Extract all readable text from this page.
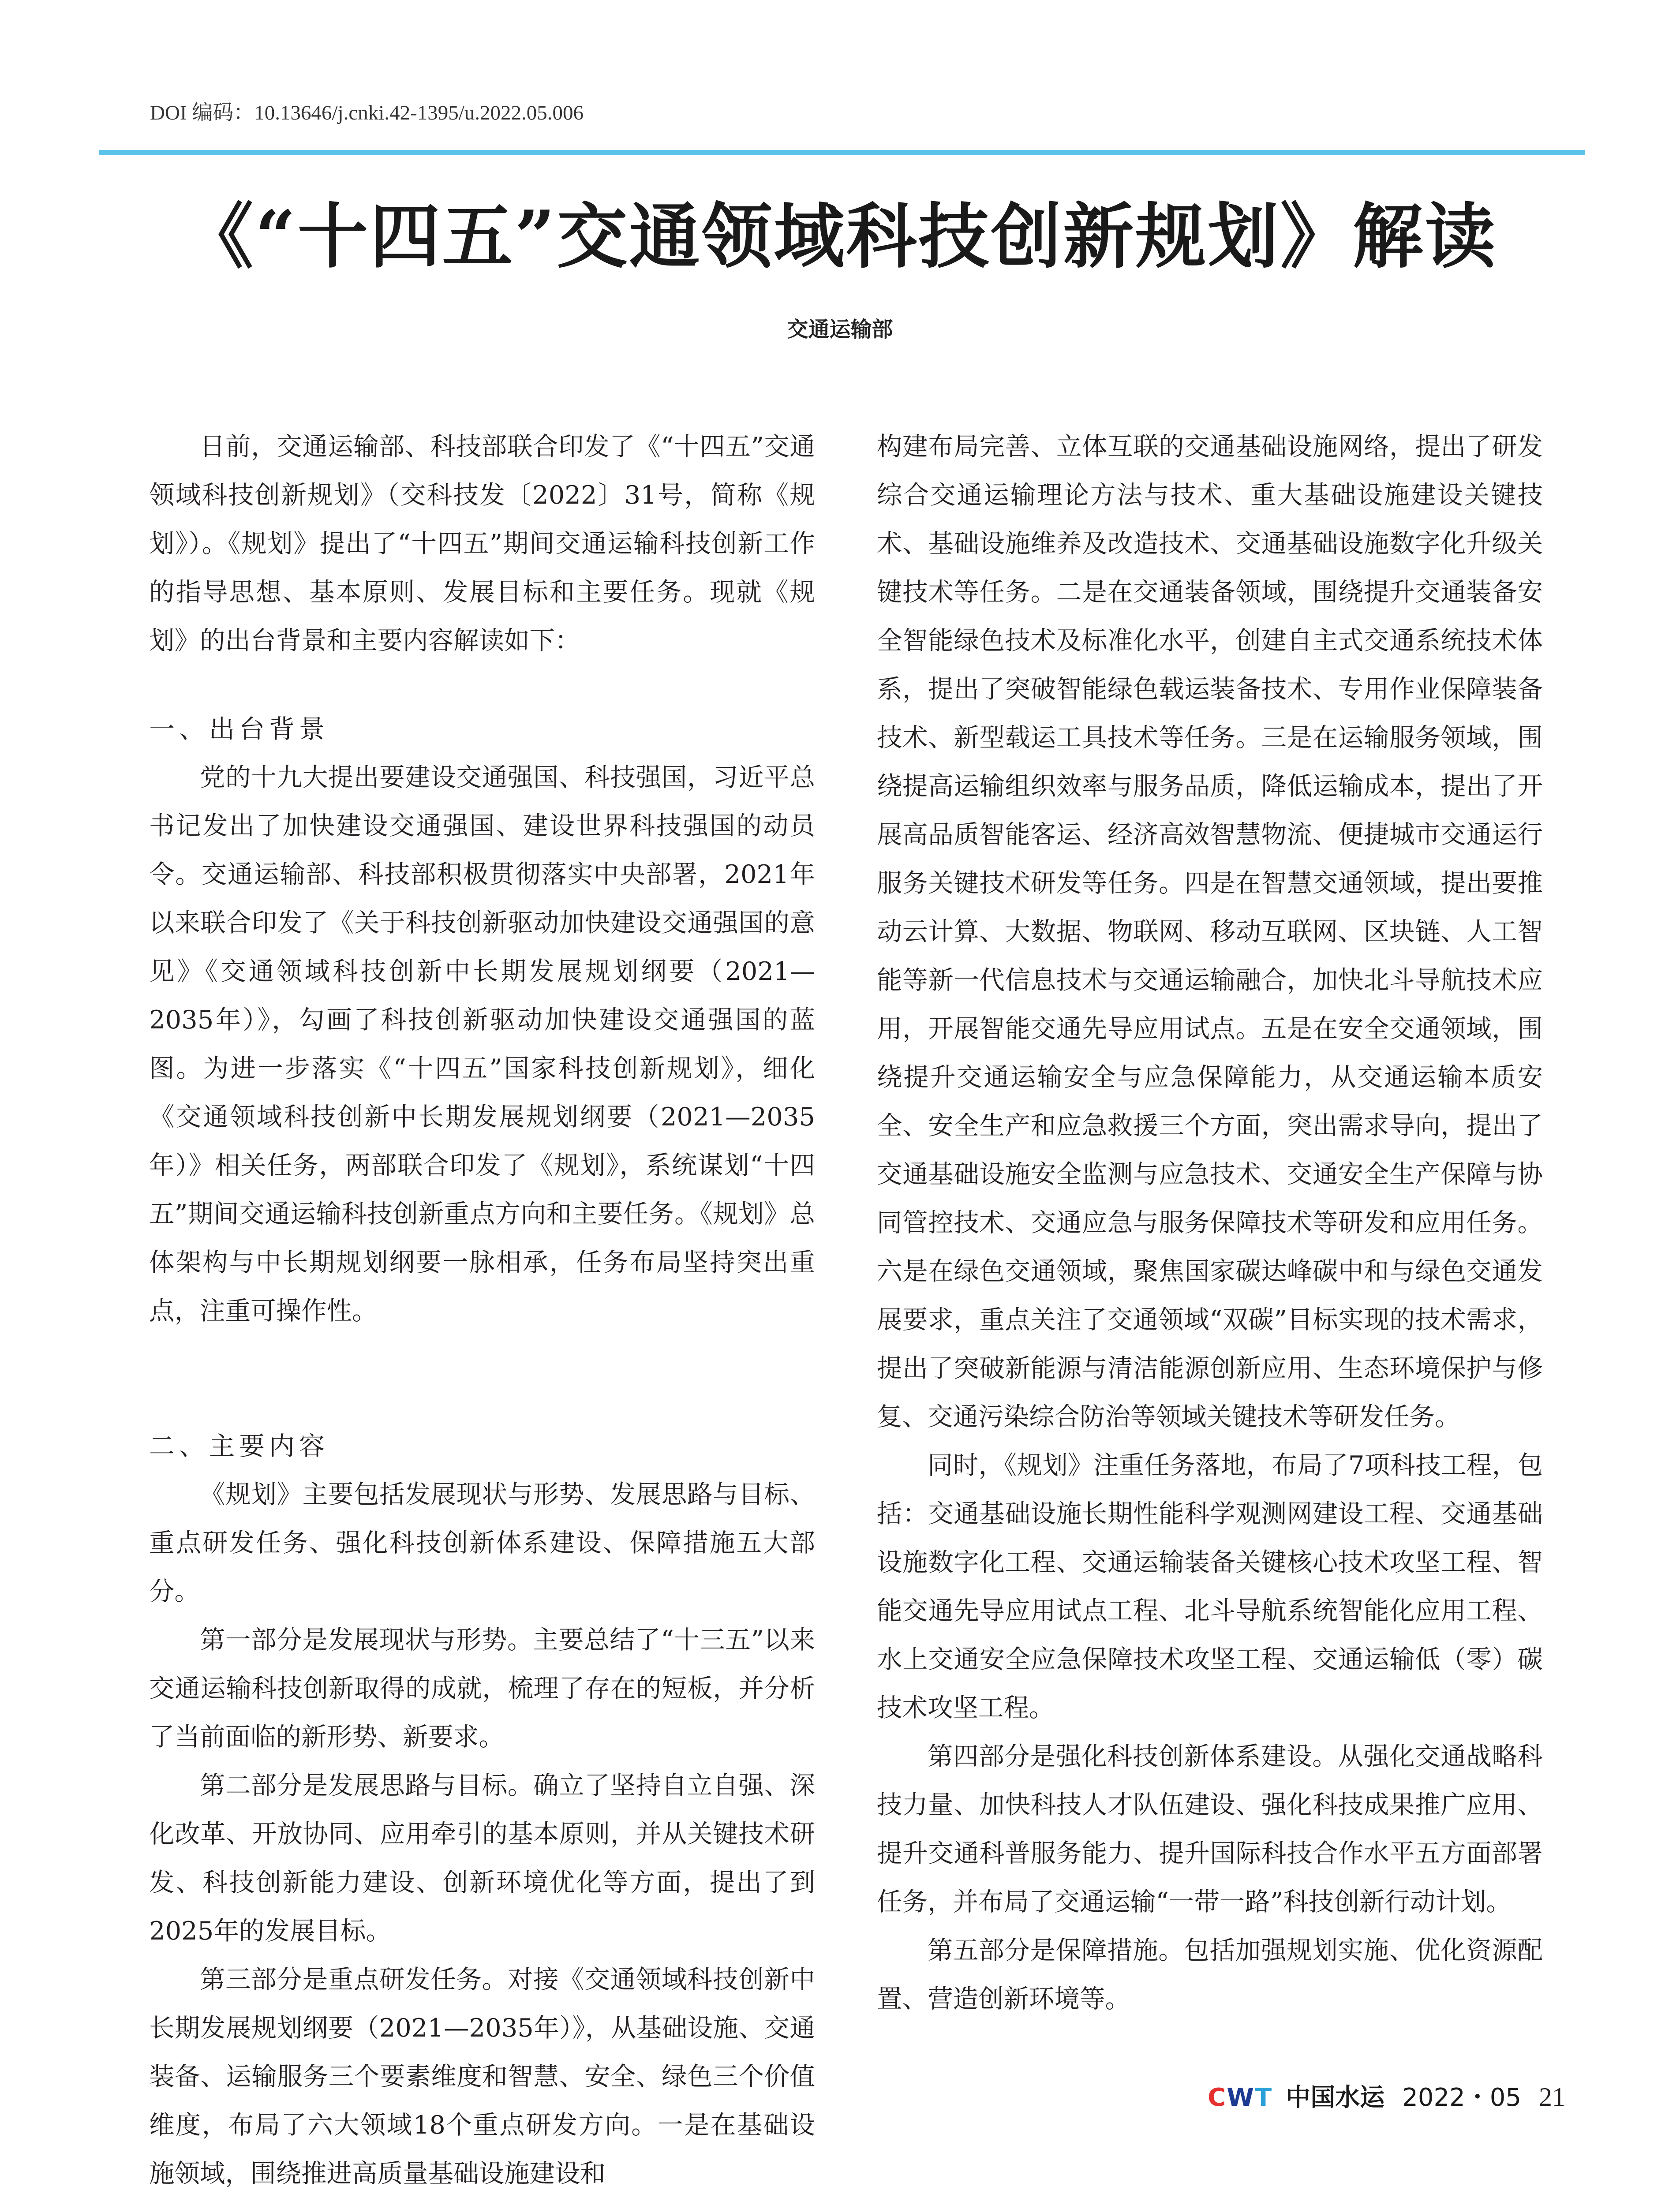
DOI 编码：10.13646/j.cnki.42-1395/u.2022.05.006
《“十四五”交通领域科技创新规划》解读
交通运输部

日前，交通运输部、科技部联合印发了《“十四五”交通领域科技创新规划》（交科技发〔2022〕31号，简称《规划》）。《规划》提出了“十四五”期间交通运输科技创新工作的指导思想、基本原则、发展目标和主要任务。现就《规划》的出台背景和主要内容解读如下：

一、出台背景

党的十九大提出要建设交通强国、科技强国，习近平总书记发出了加快建设交通强国、建设世界科技强国的动员令。交通运输部、科技部积极贯彻落实中央部署，2021年以来联合印发了《关于科技创新驱动加快建设交通强国的意见》《交通领域科技创新中长期发展规划纲要（2021—2035年）》，勾画了科技创新驱动加快建设交通强国的蓝图。为进一步落实《“十四五”国家科技创新规划》，细化《交通领域科技创新中长期发展规划纲要（2021—2035年）》相关任务，两部联合印发了《规划》，系统谋划“十四五”期间交通运输科技创新重点方向和主要任务。《规划》总体架构与中长期规划纲要一脉相承，任务布局坚持突出重点，注重可操作性。

二、主要内容

《规划》主要包括发展现状与形势、发展思路与目标、重点研发任务、强化科技创新体系建设、保障措施五大部分。

第一部分是发展现状与形势。主要总结了“十三五”以来交通运输科技创新取得的成就，梳理了存在的短板，并分析了当前面临的新形势、新要求。

第二部分是发展思路与目标。确立了坚持自立自强、深化改革、开放协同、应用牵引的基本原则，并从关键技术研发、科技创新能力建设、创新环境优化等方面，提出了到2025年的发展目标。

第三部分是重点研发任务。对接《交通领域科技创新中长期发展规划纲要（2021—2035年）》，从基础设施、交通装备、运输服务三个要素维度和智慧、安全、绿色三个价值维度，布局了六大领域18个重点研发方向。一是在基础设施领域，围绕推进高质量基础设施建设和

构建布局完善、立体互联的交通基础设施网络，提出了研发综合交通运输理论方法与技术、重大基础设施建设关键技术、基础设施维养及改造技术、交通基础设施数字化升级关键技术等任务。二是在交通装备领域，围绕提升交通装备安全智能绿色技术及标准化水平，创建自主式交通系统技术体系，提出了突破智能绿色载运装备技术、专用作业保障装备技术、新型载运工具技术等任务。三是在运输服务领域，围绕提高运输组织效率与服务品质，降低运输成本，提出了开展高品质智能客运、经济高效智慧物流、便捷城市交通运行服务关键技术研发等任务。四是在智慧交通领域，提出要推动云计算、大数据、物联网、移动互联网、区块链、人工智能等新一代信息技术与交通运输融合，加快北斗导航技术应用，开展智能交通先导应用试点。五是在安全交通领域，围绕提升交通运输安全与应急保障能力，从交通运输本质安全、安全生产和应急救援三个方面，突出需求导向，提出了交通基础设施安全监测与应急技术、交通安全生产保障与协同管控技术、交通应急与服务保障技术等研发和应用任务。六是在绿色交通领域，聚焦国家碳达峰碳中和与绿色交通发展要求，重点关注了交通领域“双碳”目标实现的技术需求，提出了突破新能源与清洁能源创新应用、生态环境保护与修复、交通污染综合防治等领域关键技术等研发任务。

同时，《规划》注重任务落地，布局了7项科技工程，包括：交通基础设施长期性能科学观测网建设工程、交通基础设施数字化工程、交通运输装备关键核心技术攻坚工程、智能交通先导应用试点工程、北斗导航系统智能化应用工程、水上交通安全应急保障技术攻坚工程、交通运输低（零）碳技术攻坚工程。

第四部分是强化科技创新体系建设。从强化交通战略科技力量、加快科技人才队伍建设、强化科技成果推广应用、提升交通科普服务能力、提升国际科技合作水平五方面部署任务，并布局了交通运输“一带一路”科技创新行动计划。

第五部分是保障措施。包括加强规划实施、优化资源配置、营造创新环境等。

CWT 中国水运 2022・05 21
